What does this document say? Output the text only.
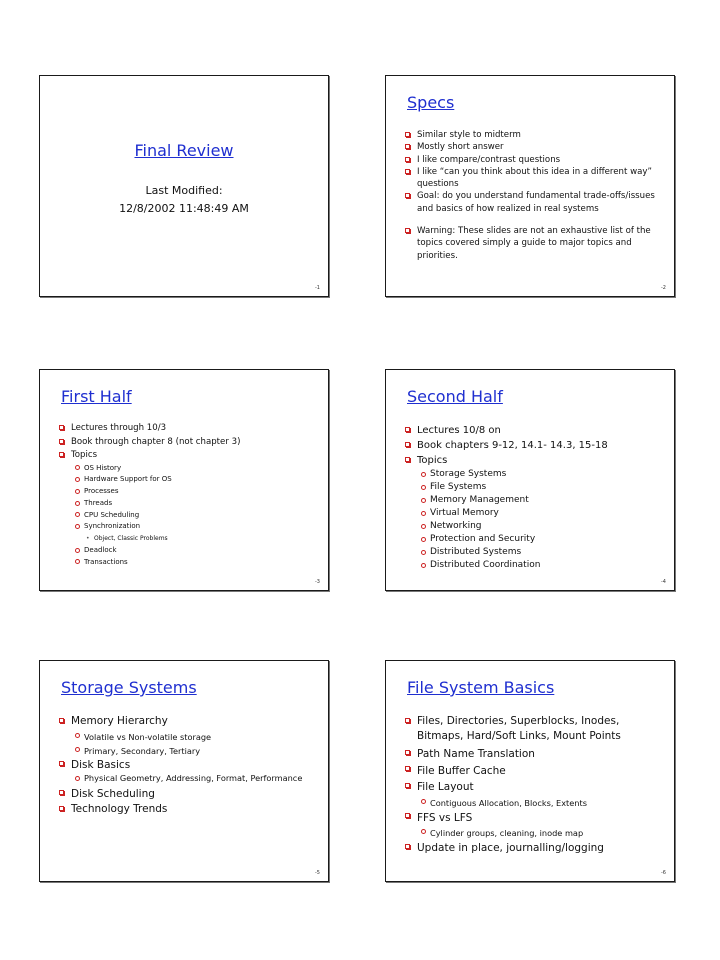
Final Review
Last Modified:
12/8/2002 11:48:49 AM
-1
Specs
Similar style to midterm
Mostly short answer
I like compare/contrast questions
I like “can you think about this idea in a different way” questions
Goal: do you understand fundamental trade-offs/issues and basics of how realized in real systems
Warning: These slides are not an exhaustive list of the topics covered simply a guide to major topics and priorities.
-2
First Half
Lectures through 10/3
Book through chapter 8 (not chapter 3)
Topics
OS History
Hardware Support for OS
Processes
Threads
CPU Scheduling
Synchronization
• Object, Classic Problems
Deadlock
Transactions
-3
Second Half
Lectures 10/8 on
Book chapters 9-12, 14.1- 14.3, 15-18
Topics
Storage Systems
File Systems
Memory Management
Virtual Memory
Networking
Protection and Security
Distributed Systems
Distributed Coordination
-4
Storage Systems
Memory Hierarchy
Volatile vs Non-volatile storage
Primary, Secondary, Tertiary
Disk Basics
Physical Geometry, Addressing, Format, Performance
Disk Scheduling
Technology Trends
-5
File System Basics
Files, Directories, Superblocks, Inodes, Bitmaps, Hard/Soft Links, Mount Points
Path Name Translation
File Buffer Cache
File Layout
Contiguous Allocation, Blocks, Extents
FFS vs LFS
Cylinder groups, cleaning, inode map
Update in place, journalling/logging
-6
